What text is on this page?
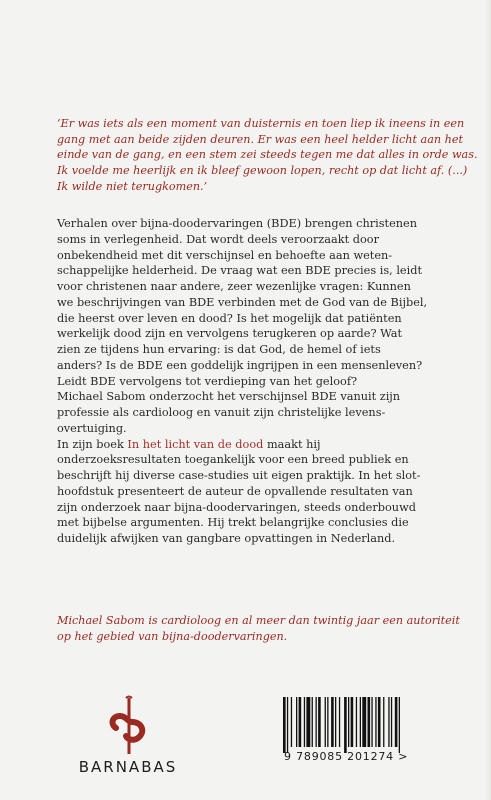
‘Er was iets als een moment van duisternis en toen liep ik ineens in een
gang met aan beide zijden deuren. Er was een heel helder licht aan het
einde van de gang, en een stem zei steeds tegen me dat alles in orde was.
Ik voelde me heerlijk en ik bleef gewoon lopen, recht op dat licht af. (...)
Ik wilde niet terugkomen.’
Verhalen over bijna-doodervaringen (BDE) brengen christenen
soms in verlegenheid. Dat wordt deels veroorzaakt door
onbekendheid met dit verschijnsel en behoefte aan weten-
schappelijke helderheid. De vraag wat een BDE precies is, leidt
voor christenen naar andere, zeer wezenlijke vragen: Kunnen
we beschrijvingen van BDE verbinden met de God van de Bijbel,
die heerst over leven en dood? Is het mogelijk dat patiënten
werkelijk dood zijn en vervolgens terugkeren op aarde? Wat
zien ze tijdens hun ervaring: is dat God, de hemel of iets
anders? Is de BDE een goddelijk ingrijpen in een mensenleven?
Leidt BDE vervolgens tot verdieping van het geloof?
Michael Sabom onderzocht het verschijnsel BDE vanuit zijn
professie als cardioloog en vanuit zijn christelijke levens-
overtuiging.
In zijn boek In het licht van de dood maakt hij
onderzoeksresultaten toegankelijk voor een breed publiek en
beschrijft hij diverse case-studies uit eigen praktijk. In het slot-
hoofdstuk presenteert de auteur de opvallende resultaten van
zijn onderzoek naar bijna-doodervaringen, steeds onderbouwd
met bijbelse argumenten. Hij trekt belangrijke conclusies die
duidelijk afwijken van gangbare opvattingen in Nederland.
Michael Sabom is cardioloog en al meer dan twintig jaar een autoriteit
op het gebied van bijna-doodervaringen.
BARNABAS
9 789085 201274 >
